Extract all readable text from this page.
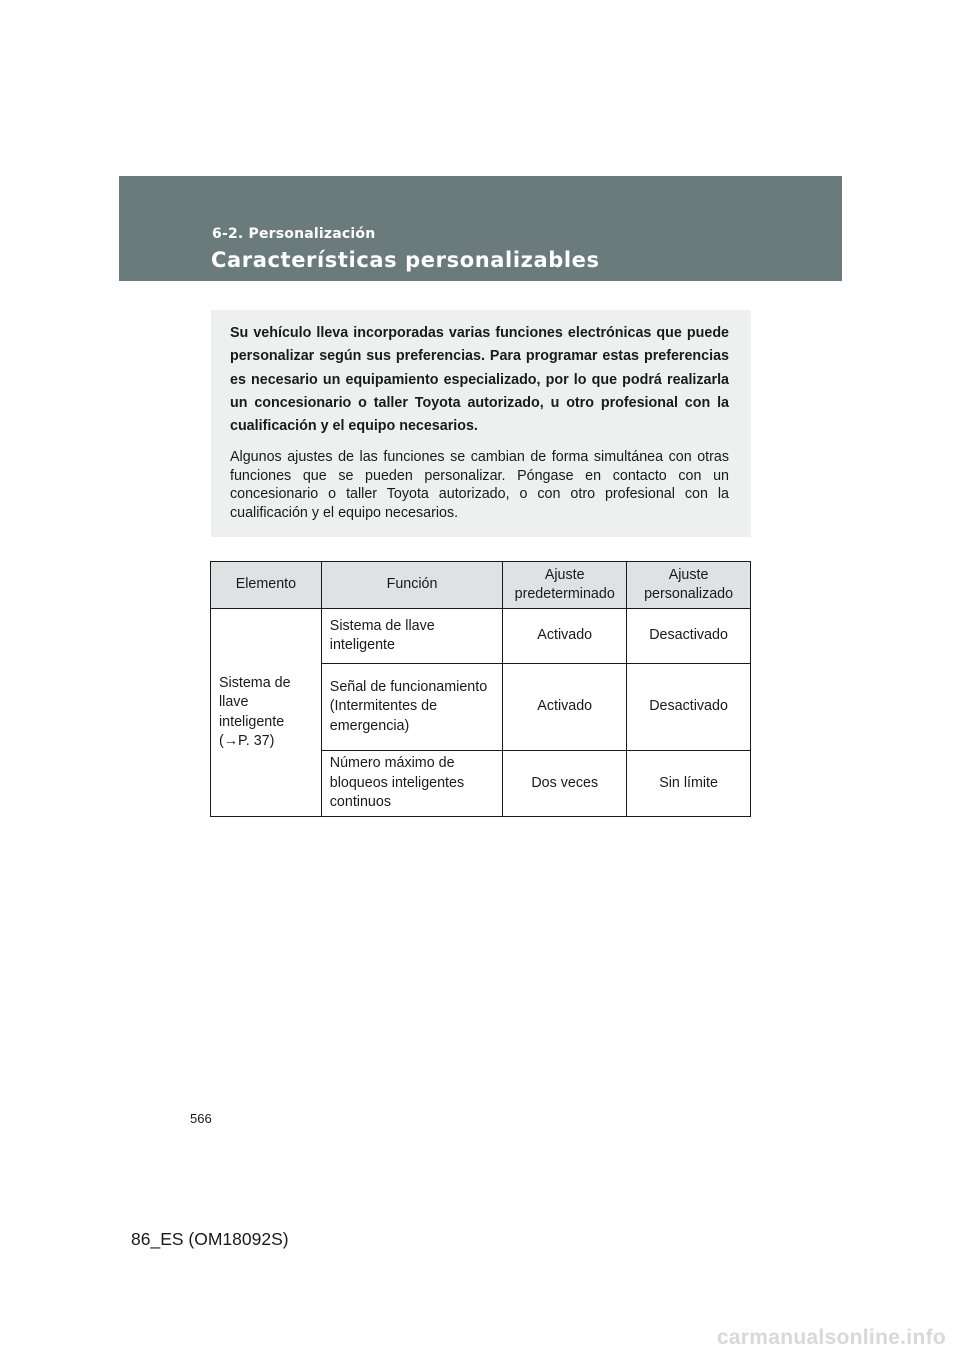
6-2. Personalización
Características personalizables

Su vehículo lleva incorporadas varias funciones electrónicas que puede personalizar según sus preferencias. Para programar estas preferencias es necesario un equipamiento especializado, por lo que podrá realizarla un concesionario o taller Toyota autorizado, u otro profesional con la cualificación y el equipo necesarios.

Algunos ajustes de las funciones se cambian de forma simultánea con otras funciones que se pueden personalizar. Póngase en contacto con un concesionario o taller Toyota autorizado, o con otro profesional con la cualificación y el equipo necesarios.

Elemento	Función	Ajuste predeterminado	Ajuste personalizado
Sistema de llave inteligente
(→P. 37)	Sistema de llave inteligente	Activado	Desactivado
	Señal de funcionamiento (Intermitentes de emergencia)	Activado	Desactivado
	Número máximo de bloqueos inteligentes continuos	Dos veces	Sin límite
566
86_ES (OM18092S)
carmanualsonline.info
